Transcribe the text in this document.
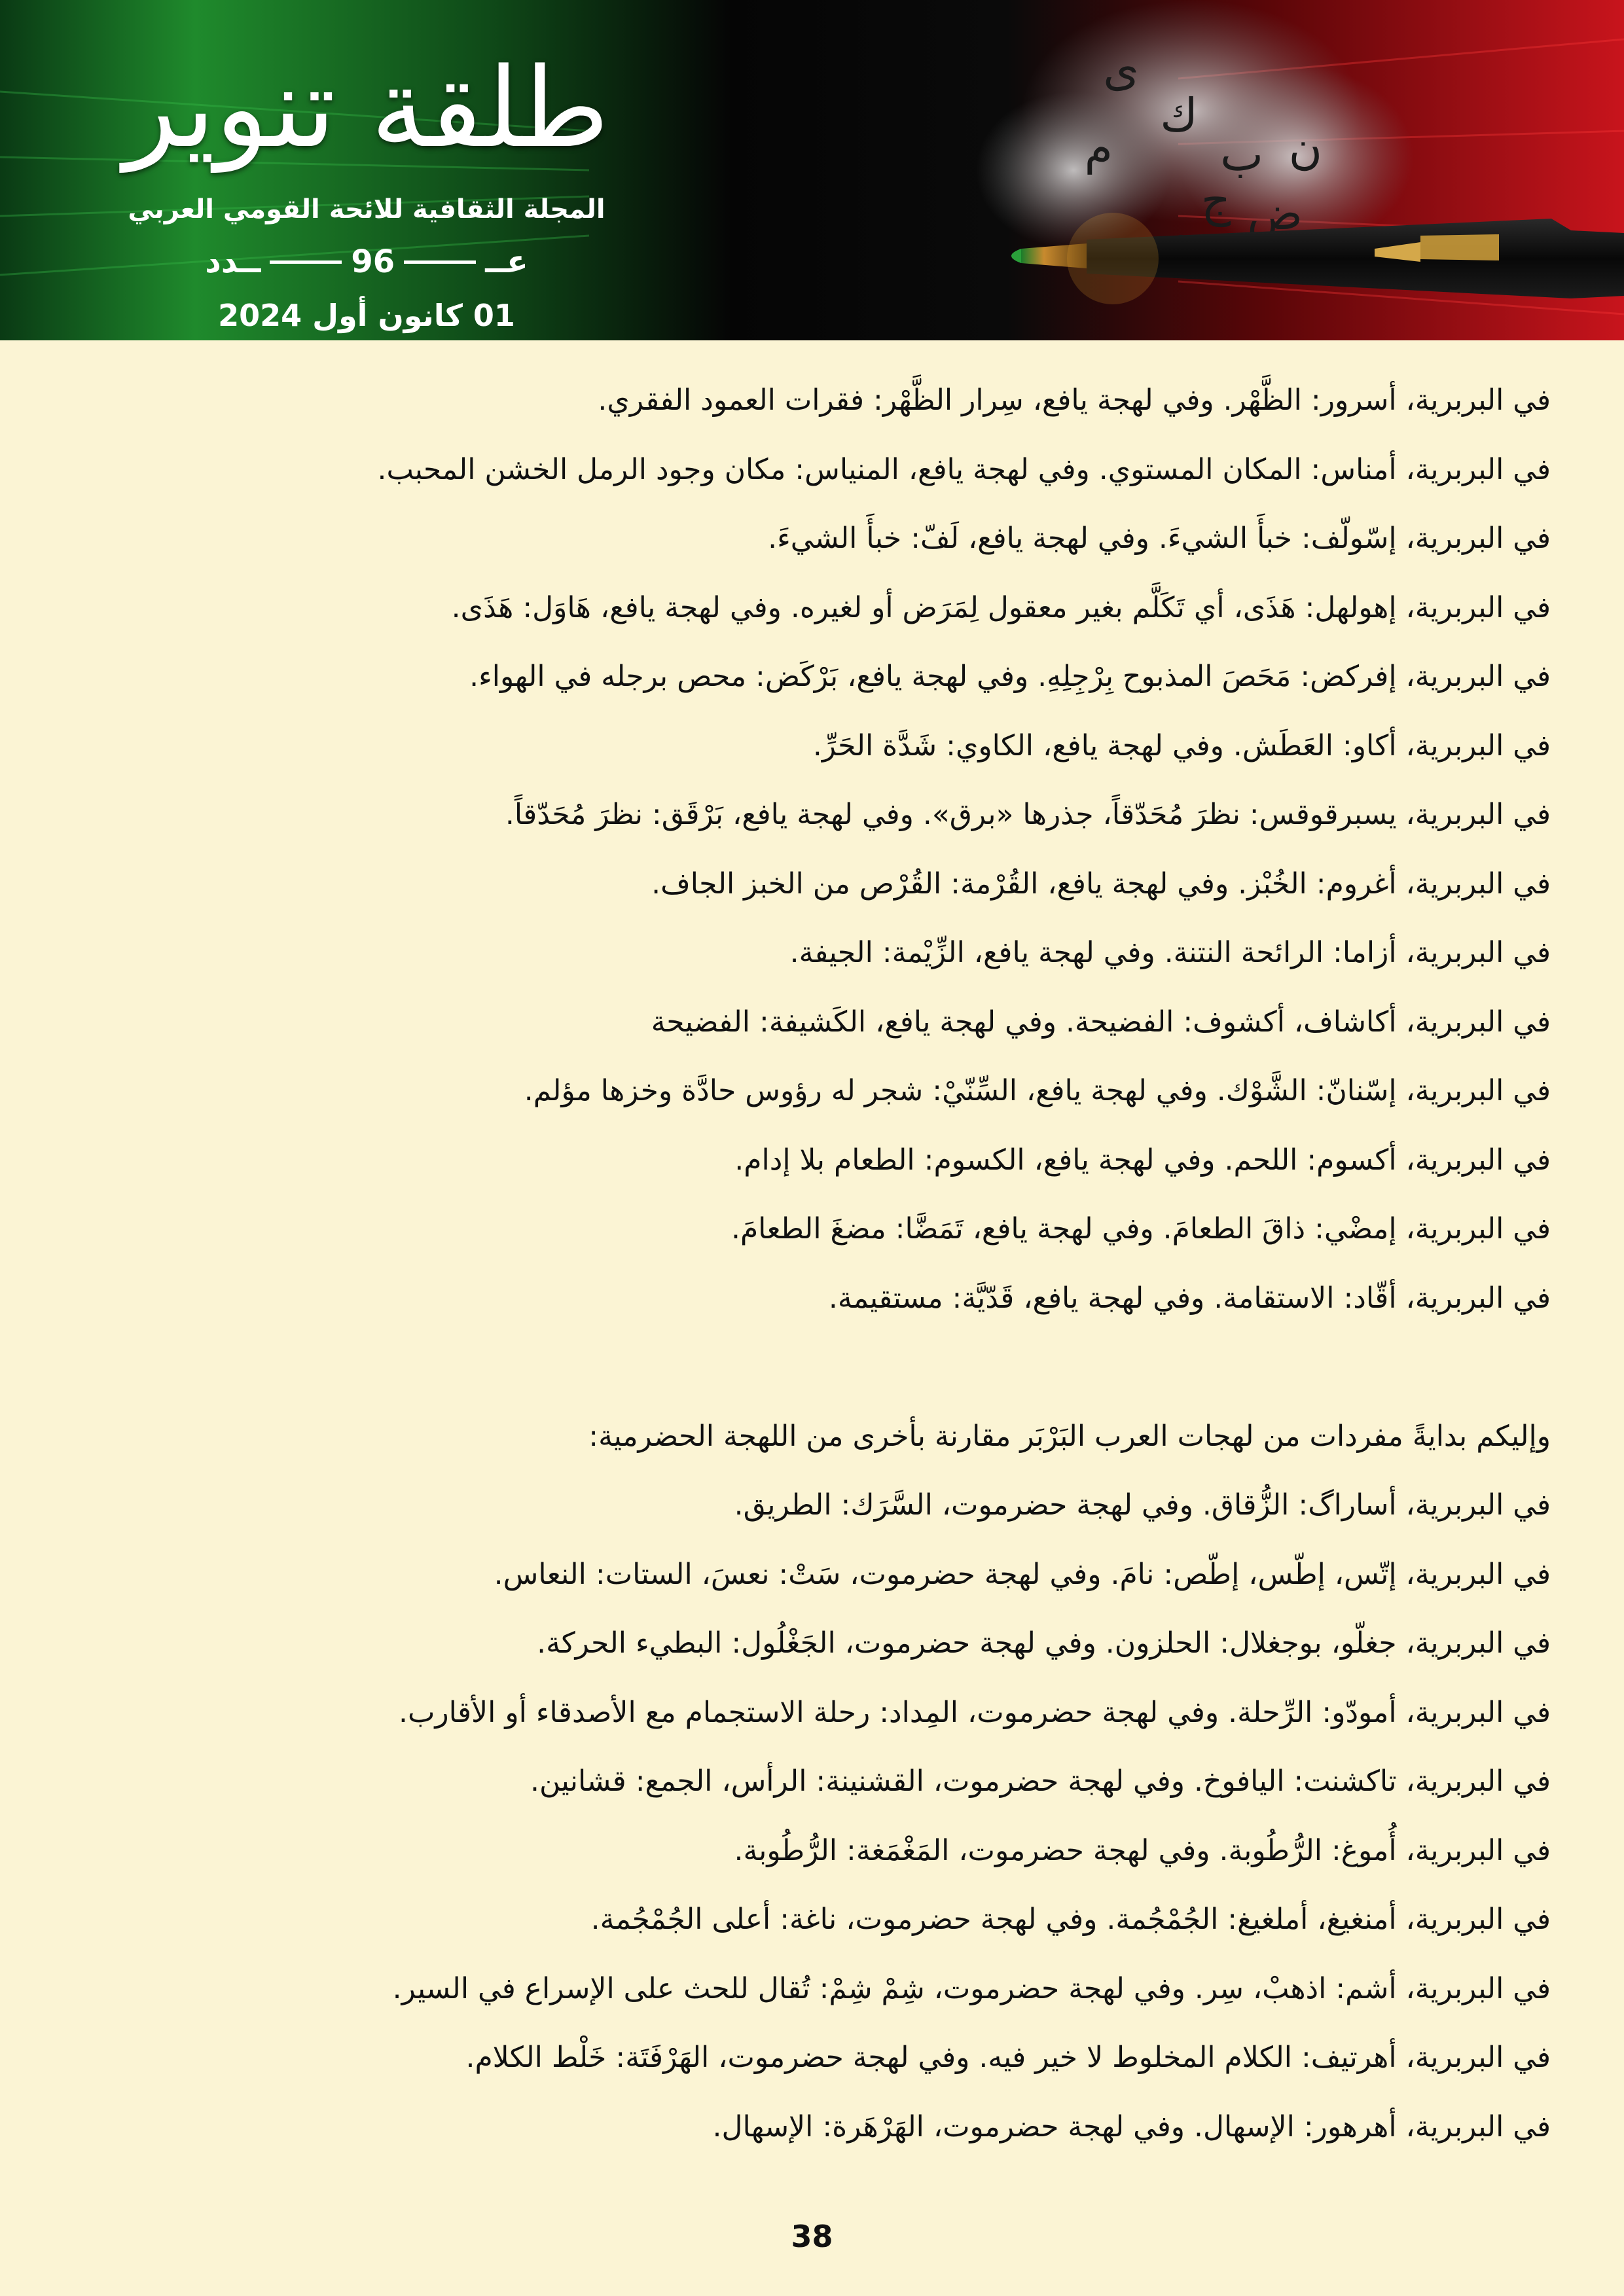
ى
ك
م ب
ج ض
ن
طلقة تنوير
المجلة الثقافية للائحة القومي العربي
عــ
96
ــدد
01 كانون أول 2024

في البربرية، أسرور: الظَّهْر. وفي لهجة يافع، سِرار الظَّهْر: فقرات العمود الفقري.

في البربرية، أمناس: المكان المستوي. وفي لهجة يافع، المنياس: مكان وجود الرمل الخشن المحبب.

في البربرية، إسّولّف: خبأَ الشيءَ. وفي لهجة يافع، لَفّ: خبأَ الشيءَ.

في البربرية، إهولهل: هَذَى، أي تَكَلَّم بغير معقول لِمَرَض أو لغيره. وفي لهجة يافع، هَاوَل: هَذَى.

في البربرية، إفركض: مَحَصَ المذبوح بِرْجِلِهِ. وفي لهجة يافع، بَرْكَض: محص برجله في الهواء.

في البربرية، أكاو: العَطَش. وفي لهجة يافع، الكاوي: شَدَّة الحَرِّ.

في البربرية، يسبرقوقس: نظرَ مُحَدّقاً، جذرها «برق». وفي لهجة يافع، بَرْقَق: نظرَ مُحَدّقاً.

في البربرية، أغروم: الخُبْز. وفي لهجة يافع، القُرْمة: القُرْص من الخبز الجاف.

في البربرية، أزاما: الرائحة النتنة. وفي لهجة يافع، الزِّيْمة: الجيفة.

في البربرية، أكاشاف، أكشوف: الفضيحة. وفي لهجة يافع، الكَشيفة: الفضيحة

في البربرية، إسّنانّ: الشَّوْك. وفي لهجة يافع، السِّنّيْ: شجر له رؤوس حادَّة وخزها مؤلم.

في البربرية، أكسوم: اللحم. وفي لهجة يافع، الكسوم: الطعام بلا إدام.

في البربرية، إمضْي: ذاقَ الطعامَ. وفي لهجة يافع، تَمَضَّا: مضغَ الطعامَ.

في البربرية، أقّاد: الاستقامة. وفي لهجة يافع، قَدّيَّة: مستقيمة.

وإليكم بدايةً مفردات من لهجات العرب البَرْبَر مقارنة بأخرى من اللهجة الحضرمية:

في البربرية، أساراگ: الزُّقاق. وفي لهجة حضرموت، السَّرَك: الطريق.

في البربرية، إتّس، إطّس، إطّص: نامَ. وفي لهجة حضرموت، سَتْ: نعسَ، الستات: النعاس.

في البربرية، جغلّو، بوجغلال: الحلزون. وفي لهجة حضرموت، الجَغْلُول: البطيء الحركة.

في البربرية، أمودّو: الرِّحلة. وفي لهجة حضرموت، المِداد: رحلة الاستجمام مع الأصدقاء أو الأقارب.

في البربرية، تاكشنت: اليافوخ. وفي لهجة حضرموت، القشنينة: الرأس، الجمع: قشانين.

في البربرية، أُموغ: الرُّطُوبة. وفي لهجة حضرموت، المَغْمَغة: الرُّطُوبة.

في البربرية، أمنغيغ، أملغيغ: الجُمْجُمة. وفي لهجة حضرموت، ناغة: أعلى الجُمْجُمة.

في البربرية، أشم: اذهبْ، سِر. وفي لهجة حضرموت، شِمْ شِمْ: تُقال للحث على الإسراع في السير.

في البربرية، أهرتيف: الكلام المخلوط لا خير فيه. وفي لهجة حضرموت، الهَرْفَتَة: خَلْط الكلام.

في البربرية، أهرهور: الإسهال. وفي لهجة حضرموت، الهَرْهَرة: الإسهال.

38
